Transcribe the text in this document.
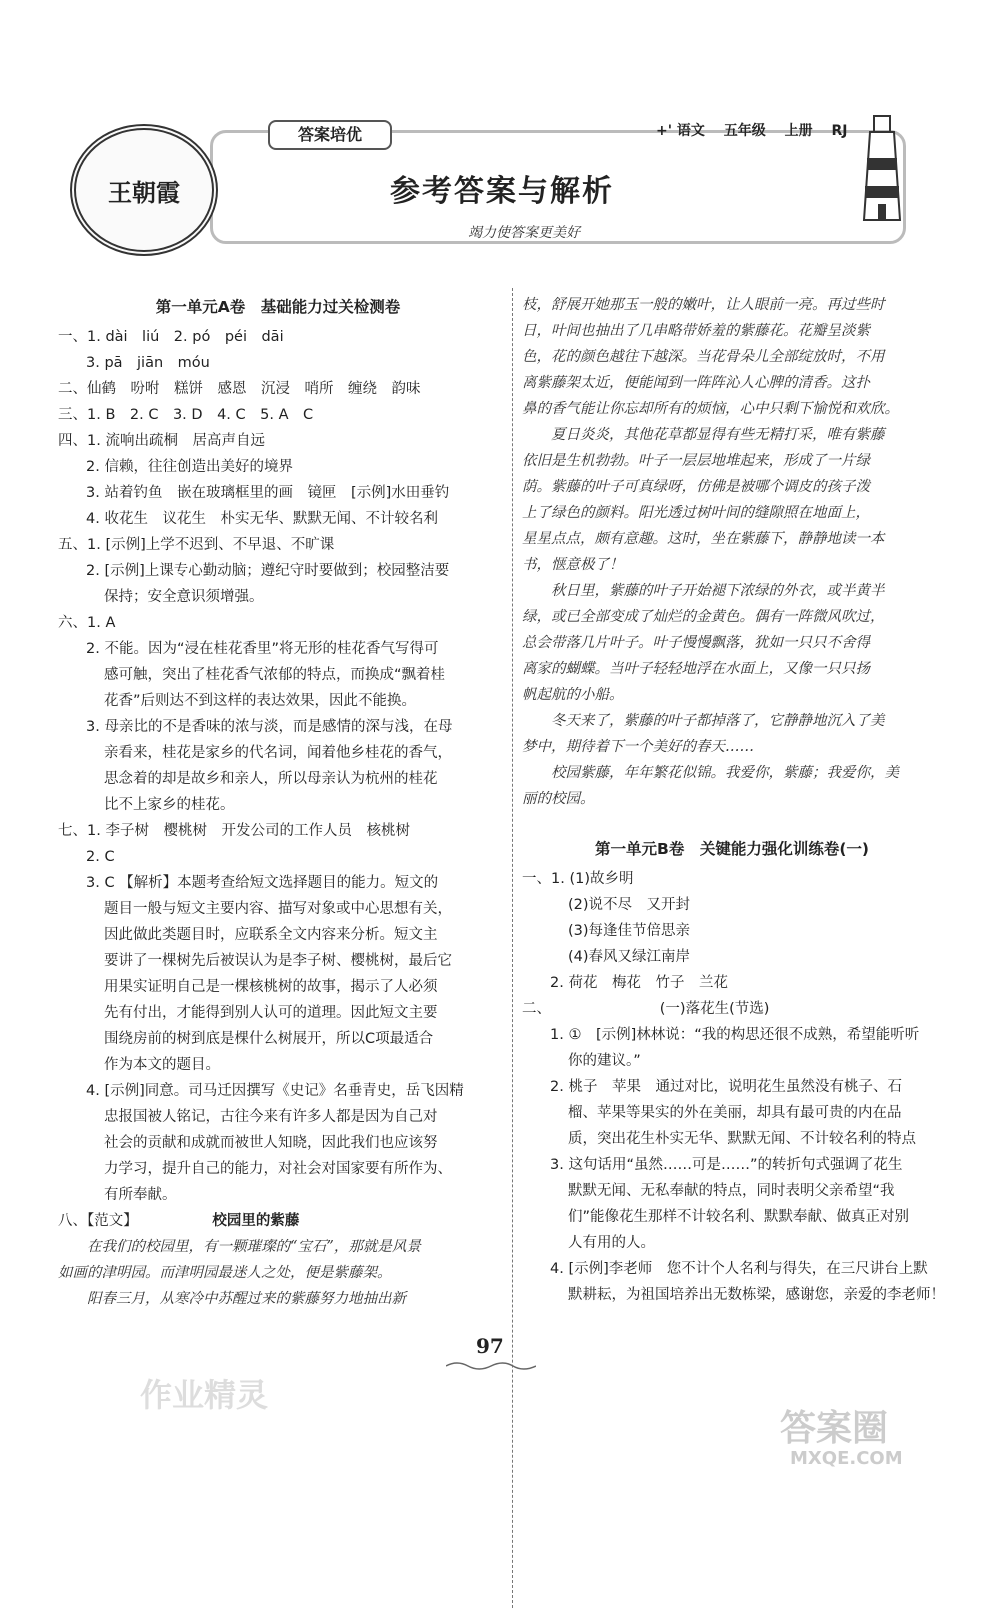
王朝霞
答案培优	+' 语文 五年级 上册 RJ
参考答案与解析
竭力使答案更美好
第一单元A卷　基础能力过关检测卷
一、1. dài　liú　2. pó　péi　dāi
3. pā　jiān　móu
二、仙鹤　吩咐　糕饼　感恩　沉浸　哨所　缠绕　韵味
三、1. B　2. C　3. D　4. C　5. A　C
四、1. 流响出疏桐　居高声自远
2. 信赖，往往创造出美好的境界
3. 站着钓鱼　嵌在玻璃框里的画　镜匣　[示例]水田垂钓
4. 收花生　议花生　朴实无华、默默无闻、不计较名利
五、1. [示例]上学不迟到、不早退、不旷课
2. [示例]上课专心勤动脑；遵纪守时要做到；校园整洁要
保持；安全意识须增强。
六、1. A
2. 不能。因为“浸在桂花香里”将无形的桂花香气写得可
感可触，突出了桂花香气浓郁的特点，而换成“飘着桂
花香”后则达不到这样的表达效果，因此不能换。
3. 母亲比的不是香味的浓与淡，而是感情的深与浅，在母
亲看来，桂花是家乡的代名词，闻着他乡桂花的香气，
思念着的却是故乡和亲人，所以母亲认为杭州的桂花
比不上家乡的桂花。
七、1. 李子树　樱桃树　开发公司的工作人员　核桃树
2. C
3. C 【解析】本题考查给短文选择题目的能力。短文的
题目一般与短文主要内容、描写对象或中心思想有关，
因此做此类题目时，应联系全文内容来分析。短文主
要讲了一棵树先后被误认为是李子树、樱桃树，最后它
用果实证明自己是一棵核桃树的故事，揭示了人必须
先有付出，才能得到别人认可的道理。因此短文主要
围绕房前的树到底是棵什么树展开，所以C项最适合
作为本文的题目。
4. [示例]同意。司马迁因撰写《史记》名垂青史，岳飞因精
忠报国被人铭记，古往今来有许多人都是因为自己对
社会的贡献和成就而被世人知晓，因此我们也应该努
力学习，提升自己的能力，对社会对国家要有所作为、
有所奉献。
八、【范文】	校园里的紫藤
在我们的校园里，有一颗璀璨的“宝石”，那就是风景
如画的津明园。而津明园最迷人之处，便是紫藤架。
阳春三月，从寒冷中苏醒过来的紫藤努力地抽出新
枝，舒展开她那玉一般的嫩叶，让人眼前一亮。再过些时
日，叶间也抽出了几串略带娇羞的紫藤花。花瓣呈淡紫
色，花的颜色越往下越深。当花骨朵儿全部绽放时，不用
离紫藤架太近，便能闻到一阵阵沁人心脾的清香。这扑
鼻的香气能让你忘却所有的烦恼，心中只剩下愉悦和欢欣。
夏日炎炎，其他花草都显得有些无精打采，唯有紫藤
依旧是生机勃勃。叶子一层层地堆起来，形成了一片绿
荫。紫藤的叶子可真绿呀，仿佛是被哪个调皮的孩子泼
上了绿色的颜料。阳光透过树叶间的缝隙照在地面上，
星星点点，颇有意趣。这时，坐在紫藤下，静静地读一本
书，惬意极了！
秋日里，紫藤的叶子开始褪下浓绿的外衣，或半黄半
绿，或已全部变成了灿烂的金黄色。偶有一阵微风吹过，
总会带落几片叶子。叶子慢慢飘落，犹如一只只不舍得
离家的蝴蝶。当叶子轻轻地浮在水面上，又像一只只扬
帆起航的小船。
冬天来了，紫藤的叶子都掉落了，它静静地沉入了美
梦中，期待着下一个美好的春天……
校园紫藤，年年繁花似锦。我爱你，紫藤；我爱你，美
丽的校园。
第一单元B卷　关键能力强化训练卷(一)
一、1. (1)故乡明
(2)说不尽　又开封
(3)每逢佳节倍思亲
(4)春风又绿江南岸
2. 荷花　梅花　竹子　兰花
二、　　　　　　　　(一)落花生(节选)
1. ①　[示例]林林说：“我的构思还很不成熟，希望能听听
你的建议。”
2. 桃子　苹果　通过对比，说明花生虽然没有桃子、石
榴、苹果等果实的外在美丽，却具有最可贵的内在品
质，突出花生朴实无华、默默无闻、不计较名利的特点
3. 这句话用“虽然……可是……”的转折句式强调了花生
默默无闻、无私奉献的特点，同时表明父亲希望“我
们”能像花生那样不计较名利、默默奉献、做真正对别
人有用的人。
4. [示例]李老师　您不计个人名利与得失，在三尺讲台上默
默耕耘，为祖国培养出无数栋梁，感谢您，亲爱的李老师！
97
作业精灵
答案圈
MXQE.COM
